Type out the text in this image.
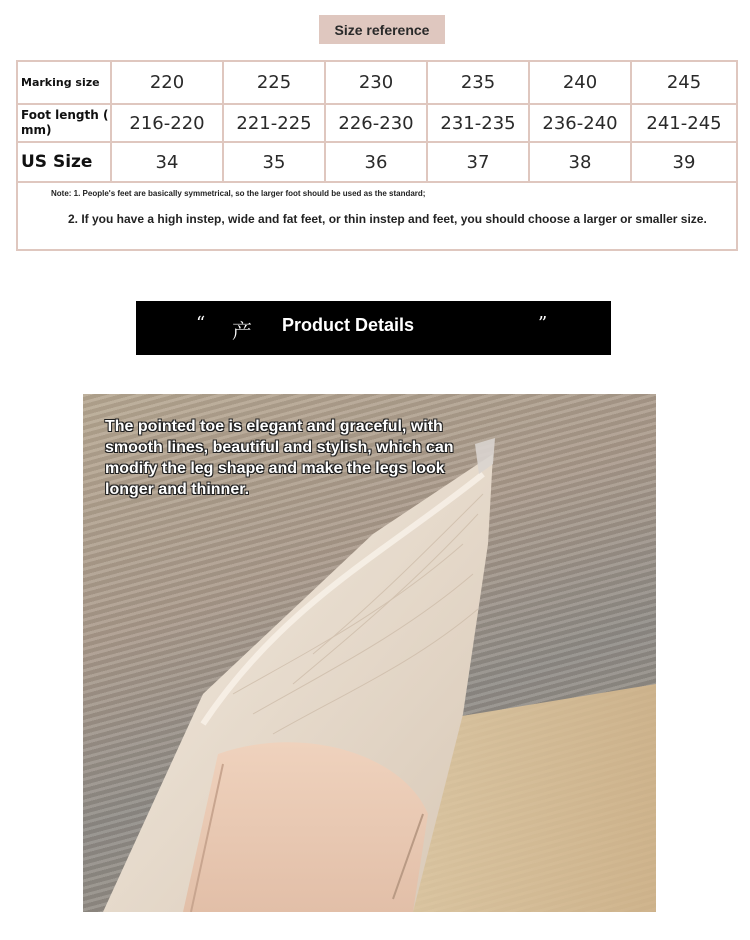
Size reference
Marking size	220	225	230	235	240	245
Foot length ( mm)	216-220	221-225	226-230	231-235	236-240	241-245
US Size	34	35	36	37	38	39
Note: 1. People's feet are basically symmetrical, so the larger foot should be used as the standard;
2. If you have a high instep, wide and fat feet, or thin instep and feet, you should choose a larger or smaller size.
“ 产 Product Details	”
The pointed toe is elegant and graceful, with smooth lines, beautiful and stylish, which can modify the leg shape and make the legs look longer and thinner.
